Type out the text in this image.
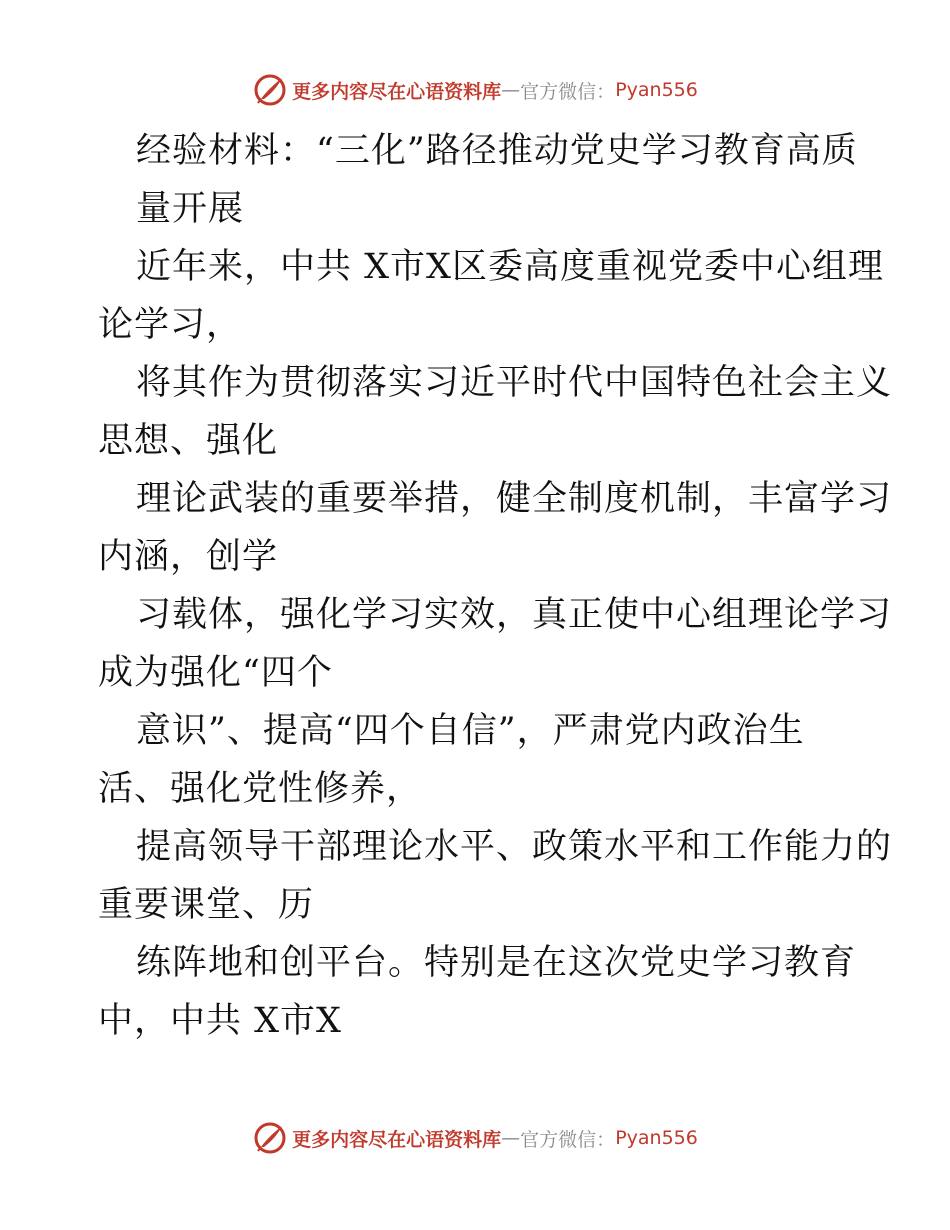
更多内容尽在心语资料库 — 官方微信： Pyan556
经验材料：“三化”路径推动党史学习教育高质
量开展
近年来，中共 X市X区委高度重视党委中心组理
论学习，
将其作为贯彻落实习近平时代中国特色社会主义
思想、强化
理论武装的重要举措，健全制度机制，丰富学习
内涵，创学
习载体，强化学习实效，真正使中心组理论学习
成为强化“四个
意识”、提高“四个自信”，严肃党内政治生
活、强化党性修养，
提高领导干部理论水平、政策水平和工作能力的
重要课堂、历
练阵地和创平台。特别是在这次党史学习教育
中，中共 X市X
更多内容尽在心语资料库 — 官方微信： Pyan556
